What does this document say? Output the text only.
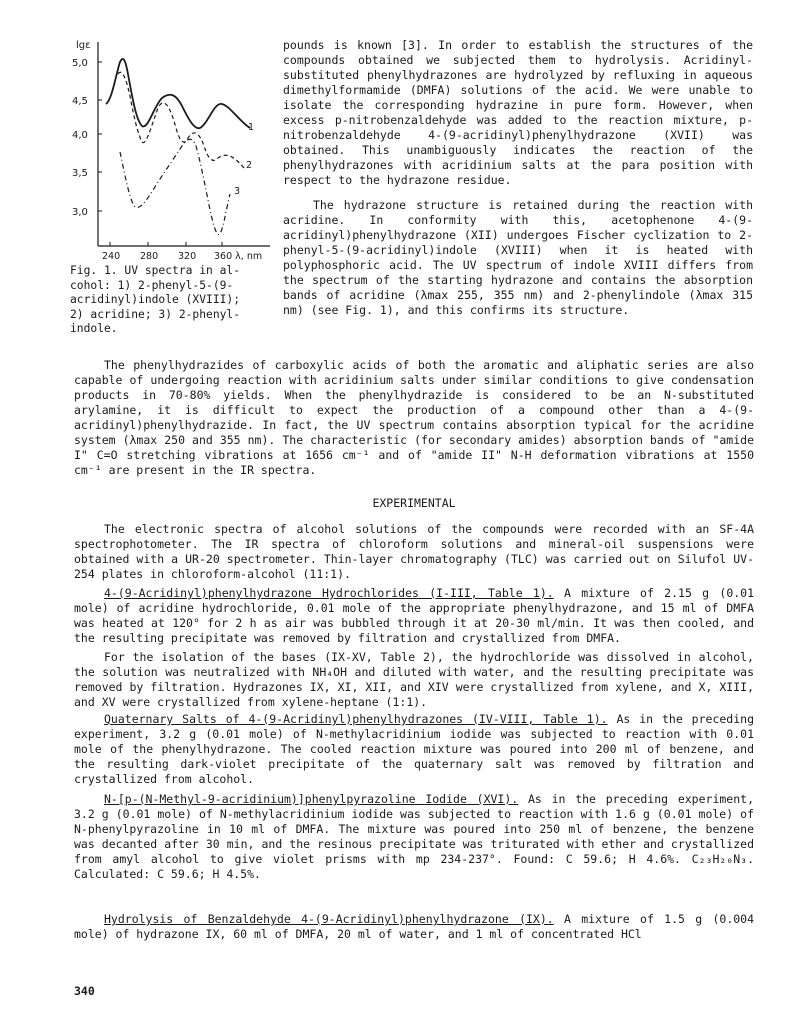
lgε
5,0
4,5
4,0
3,5
3,0
240 280 320 360 λ, nm
1
2
3
Fig. 1. UV spectra in al-
cohol: 1) 2-phenyl-5-(9-
acridinyl)indole (XVIII);
2) acridine; 3) 2-phenyl-
indole.

pounds is known [3]. In order to establish the structures of the compounds obtained we subjected them to hydrolysis. Acridinyl-substituted phenylhydrazones are hydrolyzed by refluxing in aqueous dimethylformamide (DMFA) solutions of the acid. We were unable to isolate the corresponding hydrazine in pure form. However, when excess p-nitrobenzaldehyde was added to the reaction mixture, p-nitrobenzaldehyde 4-(9-acridinyl)phenylhydrazone (XVII) was obtained. This unambiguously indicates the reaction of the phenylhydrazones with acridinium salts at the para position with respect to the hydrazone residue.

The hydrazone structure is retained during the reaction with acridine. In conformity with this, acetophenone 4-(9-acridinyl)phenylhydrazone (XII) undergoes Fischer cyclization to 2-phenyl-5-(9-acridinyl)indole (XVIII) when it is heated with polyphosphoric acid. The UV spectrum of indole XVIII differs from the spectrum of the starting hydrazone and contains the absorption bands of acridine (λmax 255, 355 nm) and 2-phenylindole (λmax 315 nm) (see Fig. 1), and this confirms its structure.

The phenylhydrazides of carboxylic acids of both the aromatic and aliphatic series are also capable of undergoing reaction with acridinium salts under similar conditions to give condensation products in 70-80% yields. When the phenylhydrazide is considered to be an N-substituted arylamine, it is difficult to expect the production of a compound other than a 4-(9-acridinyl)phenylhydrazide. In fact, the UV spectrum contains absorption typical for the acridine system (λmax 250 and 355 nm). The characteristic (for secondary amides) absorption bands of "amide I" C=O stretching vibrations at 1656 cm⁻¹ and of "amide II" N-H deformation vibrations at 1550 cm⁻¹ are present in the IR spectra.

EXPERIMENTAL

The electronic spectra of alcohol solutions of the compounds were recorded with an SF-4A spectrophotometer. The IR spectra of chloroform solutions and mineral-oil suspensions were obtained with a UR-20 spectrometer. Thin-layer chromatography (TLC) was carried out on Silufol UV-254 plates in chloroform-alcohol (11:1).

4-(9-Acridinyl)phenylhydrazone Hydrochlorides (I-III, Table 1). A mixture of 2.15 g (0.01 mole) of acridine hydrochloride, 0.01 mole of the appropriate phenylhydrazone, and 15 ml of DMFA was heated at 120° for 2 h as air was bubbled through it at 20-30 ml/min. It was then cooled, and the resulting precipitate was removed by filtration and crystallized from DMFA.

For the isolation of the bases (IX-XV, Table 2), the hydrochloride was dissolved in alcohol, the solution was neutralized with NH₄OH and diluted with water, and the resulting precipitate was removed by filtration. Hydrazones IX, XI, XII, and XIV were crystallized from xylene, and X, XIII, and XV were crystallized from xylene-heptane (1:1).

Quaternary Salts of 4-(9-Acridinyl)phenylhydrazones (IV-VIII, Table 1). As in the preceding experiment, 3.2 g (0.01 mole) of N-methylacridinium iodide was subjected to reaction with 0.01 mole of the phenylhydrazone. The cooled reaction mixture was poured into 200 ml of benzene, and the resulting dark-violet precipitate of the quaternary salt was removed by filtration and crystallized from alcohol.

N-[p-(N-Methyl-9-acridinium)]phenylpyrazoline Iodide (XVI). As in the preceding experiment, 3.2 g (0.01 mole) of N-methylacridinium iodide was subjected to reaction with 1.6 g (0.01 mole) of N-phenylpyrazoline in 10 ml of DMFA. The mixture was poured into 250 ml of benzene, the benzene was decanted after 30 min, and the resinous precipitate was triturated with ether and crystallized from amyl alcohol to give violet prisms with mp 234-237°. Found: C 59.6; H 4.6%. C₂₃H₂₀N₃. Calculated: C 59.6; H 4.5%.

Hydrolysis of Benzaldehyde 4-(9-Acridinyl)phenylhydrazone (IX). A mixture of 1.5 g (0.004 mole) of hydrazone IX, 60 ml of DMFA, 20 ml of water, and 1 ml of concentrated HCl

340
